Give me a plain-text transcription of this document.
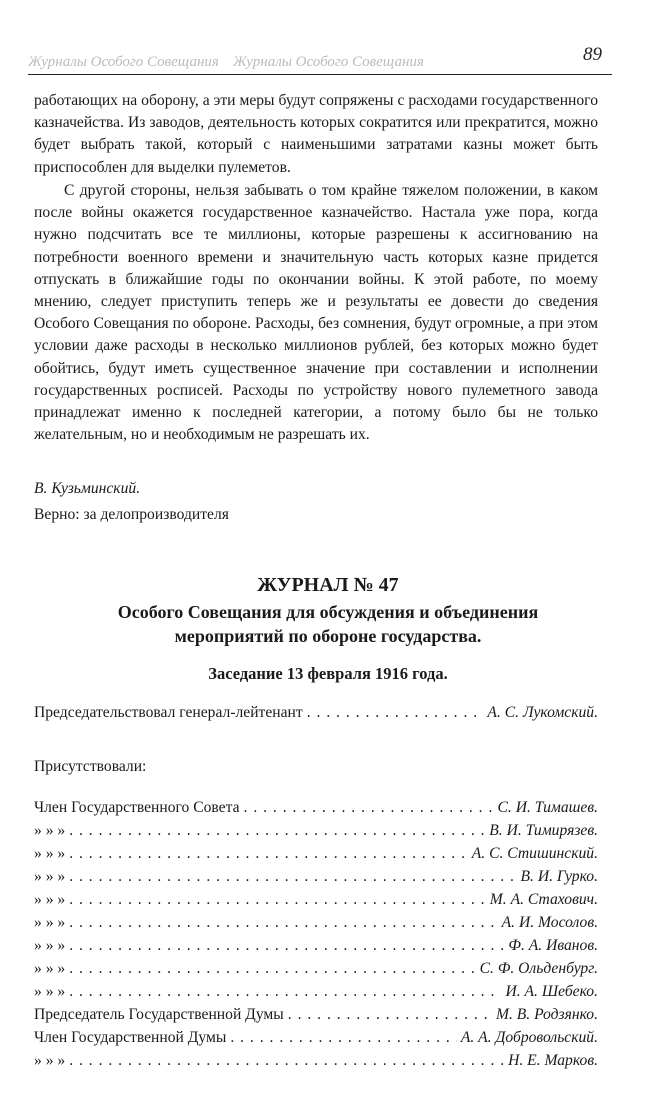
Журналы Особого Совещания Журналы Особого Совещания	89
работающих на оборону, а эти меры будут сопряжены с расходами государственного казначейства. Из заводов, деятельность которых сократится или прекратится, можно будет выбрать такой, который с наименьшими затратами казны может быть приспособлен для выделки пулеметов.
С другой стороны, нельзя забывать о том крайне тяжелом положении, в каком после войны окажется государственное казначейство. Настала уже пора, когда нужно подсчитать все те миллионы, которые разрешены к ассигнованию на потребности военного времени и значительную часть которых казне придется отпускать в ближайшие годы по окончании войны. К этой работе, по моему мнению, следует приступить теперь же и результаты ее довести до сведения Особого Совещания по обороне. Расходы, без сомнения, будут огромные, а при этом условии даже расходы в несколько миллионов рублей, без которых можно будет обойтись, будут иметь существенное значение при составлении и исполнении государственных росписей. Расходы по устройству нового пулеметного завода принадлежат именно к последней категории, а потому было бы не только желательным, но и необходимым не разрешать их.
В. Кузьминский.
Верно: за делопроизводителя
ЖУРНАЛ № 47
Особого Совещания для обсуждения и объединения
мероприятий по обороне государства.
Заседание 13 февраля 1916 года.
Председательствовал генерал-лейтенант . . .	А. С. Лукомский.
Присутствовали:
Член Государственного Совета . . .	С. И. Тимашев.
» » » . . .	В. И. Тимирязев.
» » » . . .	А. С. Стишинский.
» » » . . .	В. И. Гурко.
» » » . . .	М. А. Стахович.
» » » . . .	А. И. Мосолов.
» » » . . .	Ф. А. Иванов.
» » » . . .	С. Ф. Ольденбург.
» » » . . .	И. А. Шебеко.
Председатель Государственной Думы . . .	М. В. Родзянко.
Член Государственной Думы . . .	А. А. Добровольский.
» » » . . .	Н. Е. Марков.
